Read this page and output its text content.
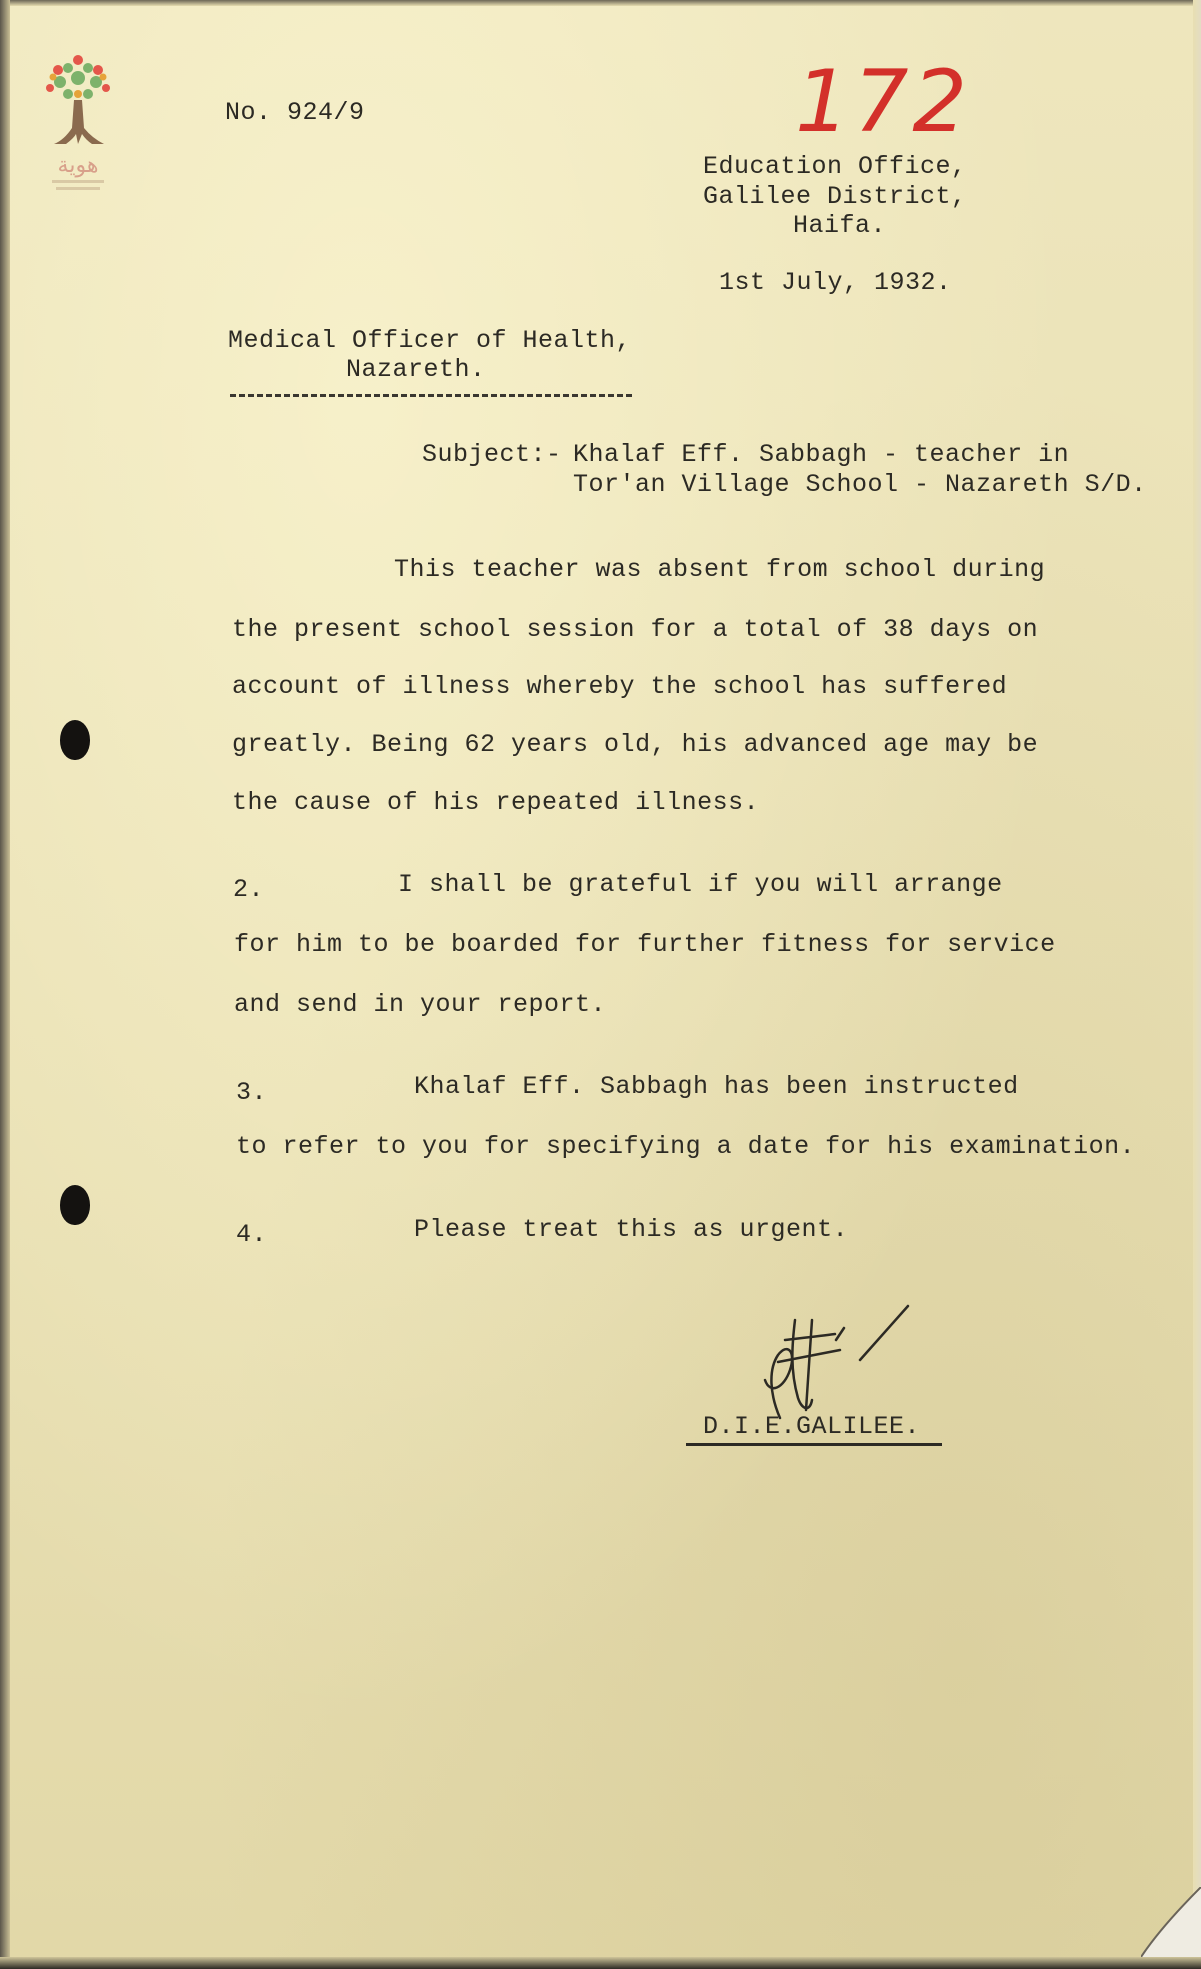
هوية
No. 924/9	172
Education Office,
Galilee District,
Haifa.
1st July, 1932.
Medical Officer of Health,
Nazareth.
Subject:- Khalaf Eff. Sabbagh - teacher in
Tor'an Village School - Nazareth S/D.
This teacher was absent from school during
the present school session for a total of 38 days on
account of illness whereby the school has suffered
greatly. Being 62 years old, his advanced age may be
the cause of his repeated illness.
2.	I shall be grateful if you will arrange
for him to be boarded for further fitness for service
and send in your report.
3.	Khalaf Eff. Sabbagh has been instructed
to refer to you for specifying a date for his examination.
4.	Please treat this as urgent.
D.I.E.GALILEE.
